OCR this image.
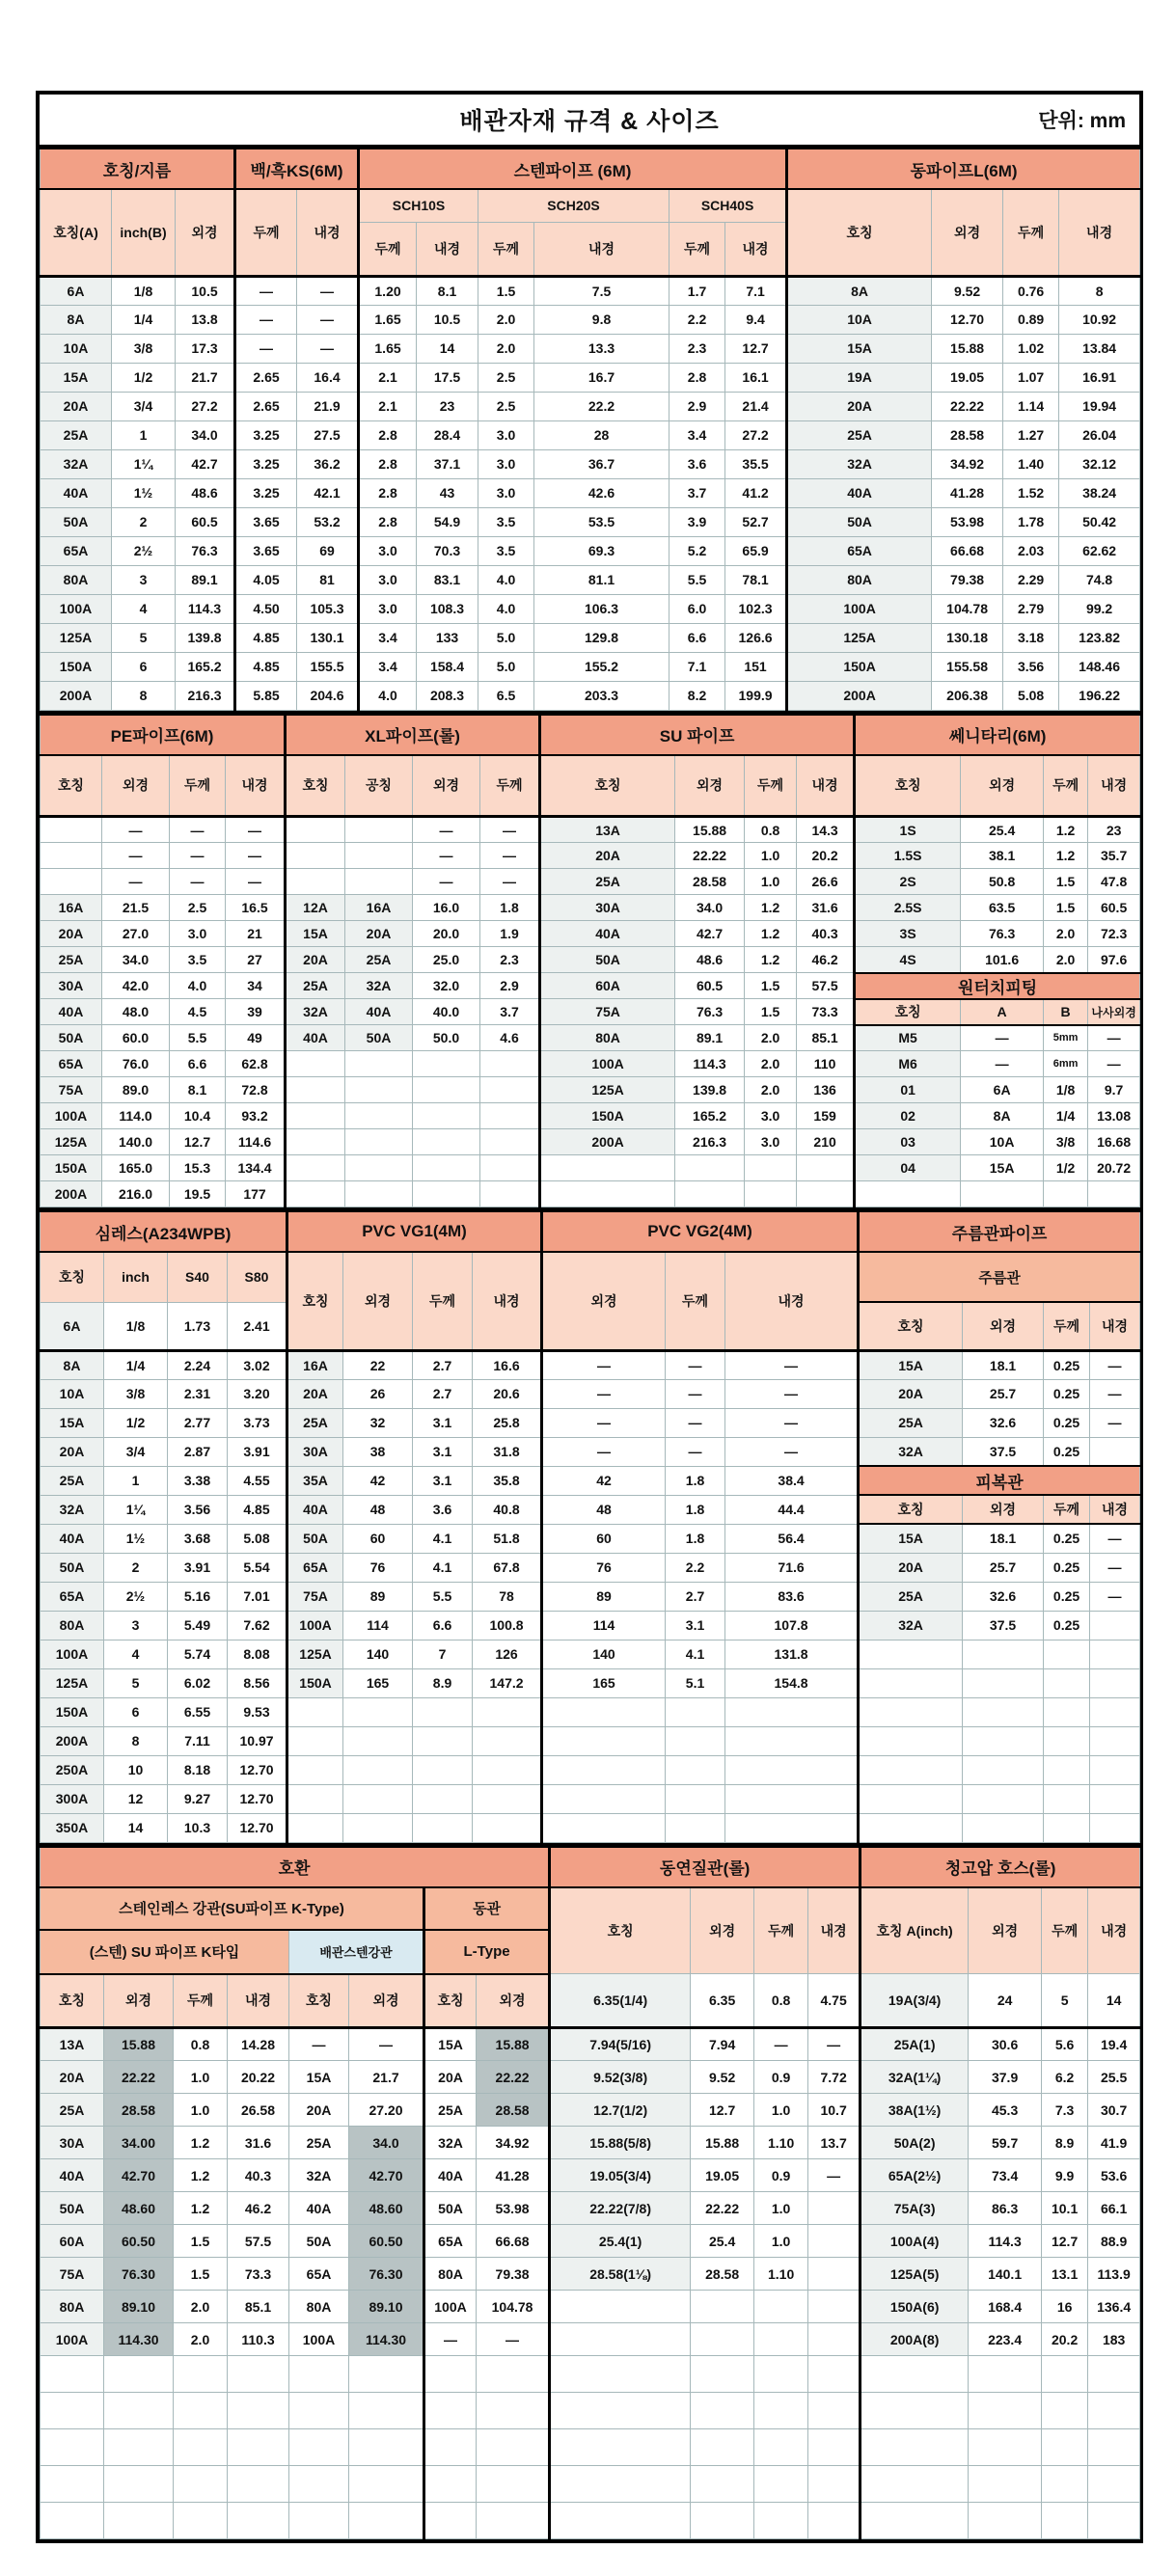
배관자재 규격 & 사이즈	단위: mm
호칭/지름			백/흑KS(6M)		스텐파이프 (6M)						동파이프L(6M)			
호칭(A)	inch(B)	외경	두께	내경	SCH10S		SCH20S		SCH40S		호칭	외경	두께	내경
					두께	내경	두께	내경	두께	내경				
6A	1/8	10.5	—	—	1.20	8.1	1.5	7.5	1.7	7.1	8A	9.52	0.76	8
8A	1/4	13.8	—	—	1.65	10.5	2.0	9.8	2.2	9.4	10A	12.70	0.89	10.92
10A	3/8	17.3	—	—	1.65	14	2.0	13.3	2.3	12.7	15A	15.88	1.02	13.84
15A	1/2	21.7	2.65	16.4	2.1	17.5	2.5	16.7	2.8	16.1	19A	19.05	1.07	16.91
20A	3/4	27.2	2.65	21.9	2.1	23	2.5	22.2	2.9	21.4	20A	22.22	1.14	19.94
25A	1	34.0	3.25	27.5	2.8	28.4	3.0	28	3.4	27.2	25A	28.58	1.27	26.04
32A	1¼	42.7	3.25	36.2	2.8	37.1	3.0	36.7	3.6	35.5	32A	34.92	1.40	32.12
40A	1½	48.6	3.25	42.1	2.8	43	3.0	42.6	3.7	41.2	40A	41.28	1.52	38.24
50A	2	60.5	3.65	53.2	2.8	54.9	3.5	53.5	3.9	52.7	50A	53.98	1.78	50.42
65A	2½	76.3	3.65	69	3.0	70.3	3.5	69.3	5.2	65.9	65A	66.68	2.03	62.62
80A	3	89.1	4.05	81	3.0	83.1	4.0	81.1	5.5	78.1	80A	79.38	2.29	74.8
100A	4	114.3	4.50	105.3	3.0	108.3	4.0	106.3	6.0	102.3	100A	104.78	2.79	99.2
125A	5	139.8	4.85	130.1	3.4	133	5.0	129.8	6.6	126.6	125A	130.18	3.18	123.82
150A	6	165.2	4.85	155.5	3.4	158.4	5.0	155.2	7.1	151	150A	155.58	3.56	148.46
200A	8	216.3	5.85	204.6	4.0	208.3	6.5	203.3	8.2	199.9	200A	206.38	5.08	196.22
PE파이프(6M)				XL파이프(롤)				SU 파이프				쎄니타리(6M)			
호칭	외경	두께	내경	호칭	공칭	외경	두께	호칭	외경	두께	내경	호칭	외경	두께	내경
	—	—	—			—	—	13A	15.88	0.8	14.3	1S	25.4	1.2	23
	—	—	—			—	—	20A	22.22	1.0	20.2	1.5S	38.1	1.2	35.7
	—	—	—			—	—	25A	28.58	1.0	26.6	2S	50.8	1.5	47.8
16A	21.5	2.5	16.5	12A	16A	16.0	1.8	30A	34.0	1.2	31.6	2.5S	63.5	1.5	60.5
20A	27.0	3.0	21	15A	20A	20.0	1.9	40A	42.7	1.2	40.3	3S	76.3	2.0	72.3
25A	34.0	3.5	27	20A	25A	25.0	2.3	50A	48.6	1.2	46.2	4S	101.6	2.0	97.6
30A	42.0	4.0	34	25A	32A	32.0	2.9	60A	60.5	1.5	57.5	원터치피팅			
40A	48.0	4.5	39	32A	40A	40.0	3.7	75A	76.3	1.5	73.3	호칭	A	B	나사외경
50A	60.0	5.5	49	40A	50A	50.0	4.6	80A	89.1	2.0	85.1	M5	—	5mm	—
65A	76.0	6.6	62.8					100A	114.3	2.0	110	M6	—	6mm	—
75A	89.0	8.1	72.8					125A	139.8	2.0	136	01	6A	1/8	9.7
100A	114.0	10.4	93.2					150A	165.2	3.0	159	02	8A	1/4	13.08
125A	140.0	12.7	114.6					200A	216.3	3.0	210	03	10A	3/8	16.68
150A	165.0	15.3	134.4									04	15A	1/2	20.72
200A	216.0	19.5	177												
심레스(A234WPB)				PVC VG1(4M)				PVC VG2(4M)			주름관파이프			
호칭	inch	S40	S80	호칭	외경	두께	내경	외경	두께	내경	주름관			
6A	1/8	1.73	2.41								호칭	외경	두께	내경
8A	1/4	2.24	3.02	16A	22	2.7	16.6	—	—	—	15A	18.1	0.25	—
10A	3/8	2.31	3.20	20A	26	2.7	20.6	—	—	—	20A	25.7	0.25	—
15A	1/2	2.77	3.73	25A	32	3.1	25.8	—	—	—	25A	32.6	0.25	—
20A	3/4	2.87	3.91	30A	38	3.1	31.8	—	—	—	32A	37.5	0.25	
25A	1	3.38	4.55	35A	42	3.1	35.8	42	1.8	38.4	피복관			
32A	1¼	3.56	4.85	40A	48	3.6	40.8	48	1.8	44.4	호칭	외경	두께	내경
40A	1½	3.68	5.08	50A	60	4.1	51.8	60	1.8	56.4	15A	18.1	0.25	—
50A	2	3.91	5.54	65A	76	4.1	67.8	76	2.2	71.6	20A	25.7	0.25	—
65A	2½	5.16	7.01	75A	89	5.5	78	89	2.7	83.6	25A	32.6	0.25	—
80A	3	5.49	7.62	100A	114	6.6	100.8	114	3.1	107.8	32A	37.5	0.25	
100A	4	5.74	8.08	125A	140	7	126	140	4.1	131.8				
125A	5	6.02	8.56	150A	165	8.9	147.2	165	5.1	154.8				
150A	6	6.55	9.53											
200A	8	7.11	10.97											
250A	10	8.18	12.70											
300A	12	9.27	12.70											
350A	14	10.3	12.70											
호환								동연질관(롤)				청고압 호스(롤)			
스테인레스 강관(SU파이프 K-Type)						동관		호칭	외경	두께	내경	호칭 A(inch)	외경	두께	내경
(스텐) SU 파이프 K타입				배관스텐강관		L-Type									
호칭	외경	두께	내경	호칭	외경	호칭	외경	6.35(1/4)	6.35	0.8	4.75	19A(3/4)	24	5	14
13A	15.88	0.8	14.28	—	—	15A	15.88	7.94(5/16)	7.94	—	—	25A(1)	30.6	5.6	19.4
20A	22.22	1.0	20.22	15A	21.7	20A	22.22	9.52(3/8)	9.52	0.9	7.72	32A(1¼)	37.9	6.2	25.5
25A	28.58	1.0	26.58	20A	27.20	25A	28.58	12.7(1/2)	12.7	1.0	10.7	38A(1½)	45.3	7.3	30.7
30A	34.00	1.2	31.6	25A	34.0	32A	34.92	15.88(5/8)	15.88	1.10	13.7	50A(2)	59.7	8.9	41.9
40A	42.70	1.2	40.3	32A	42.70	40A	41.28	19.05(3/4)	19.05	0.9	—	65A(2½)	73.4	9.9	53.6
50A	48.60	1.2	46.2	40A	48.60	50A	53.98	22.22(7/8)	22.22	1.0		75A(3)	86.3	10.1	66.1
60A	60.50	1.5	57.5	50A	60.50	65A	66.68	25.4(1)	25.4	1.0		100A(4)	114.3	12.7	88.9
75A	76.30	1.5	73.3	65A	76.30	80A	79.38	28.58(1⅛)	28.58	1.10		125A(5)	140.1	13.1	113.9
80A	89.10	2.0	85.1	80A	89.10	100A	104.78					150A(6)	168.4	16	136.4
100A	114.30	2.0	110.3	100A	114.30	—	—					200A(8)	223.4	20.2	183
